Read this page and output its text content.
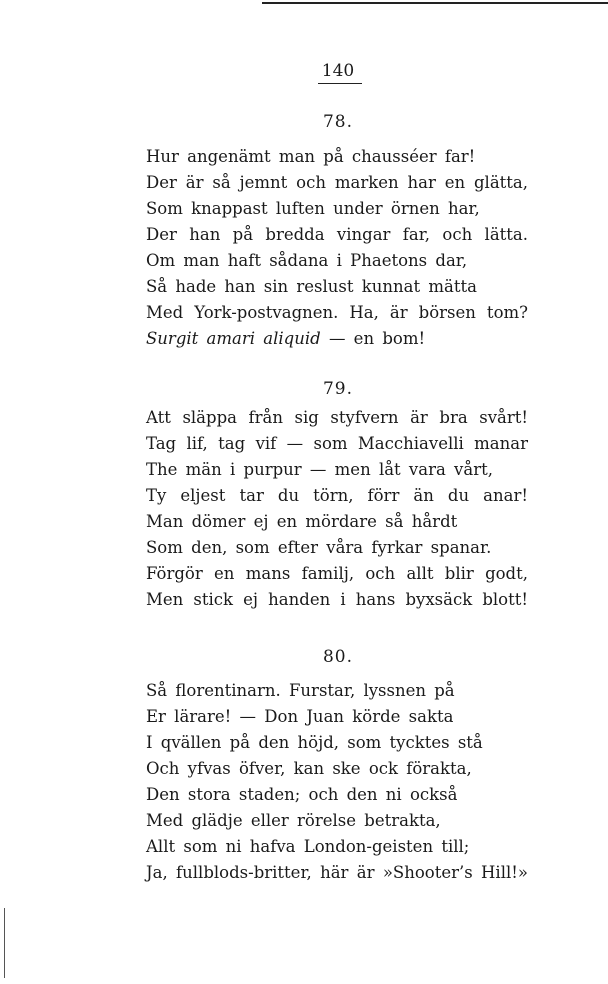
140
78.
Hur angenämt man på chausséer far!
Der är så jemnt och marken har en glätta,
Som knappast luften under örnen har,
Der han på bredda vingar far, och lätta.
Om man haft sådana i Phaetons dar,
Så hade han sin reslust kunnat mätta
Med York-postvagnen. Ha, är börsen tom?
Surgit amari aliquid — en bom!
79.
Att släppa från sig styfvern är bra svårt!
Tag lif, tag vif — som Macchiavelli manar
The män i purpur — men låt vara vårt,
Ty eljest tar du törn, förr än du anar!
Man dömer ej en mördare så hårdt
Som den, som efter våra fyrkar spanar.
Förgör en mans familj, och allt blir godt,
Men stick ej handen i hans byxsäck blott!
80.
Så florentinarn. Furstar, lyssnen på
Er lärare! — Don Juan körde sakta
I qvällen på den höjd, som tycktes stå
Och yfvas öfver, kan ske ock förakta,
Den stora staden; och den ni också
Med glädje eller rörelse betrakta,
Allt som ni hafva London-geisten till;
Ja, fullblods-britter, här är »Shooter’s Hill!»
